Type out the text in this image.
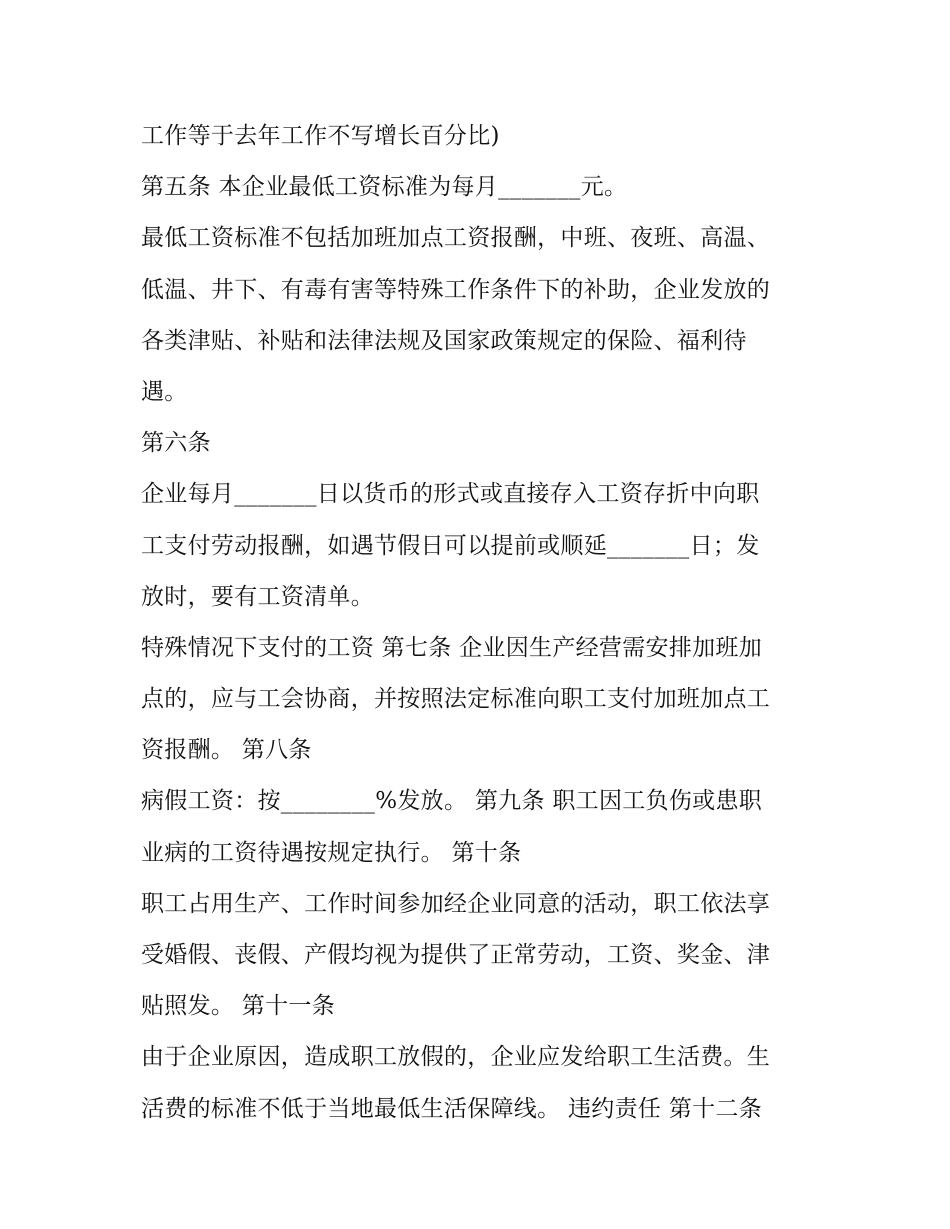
工作等于去年工作不写增长百分比)
第五条 本企业最低工资标准为每月_______元。
最低工资标准不包括加班加点工资报酬，中班、夜班、高温、
低温、井下、有毒有害等特殊工作条件下的补助，企业发放的
各类津贴、补贴和法律法规及国家政策规定的保险、福利待
遇。
第六条
企业每月_______日以货币的形式或直接存入工资存折中向职
工支付劳动报酬，如遇节假日可以提前或顺延_______日；发
放时，要有工资清单。
特殊情况下支付的工资 第七条 企业因生产经营需安排加班加
点的，应与工会协商，并按照法定标准向职工支付加班加点工
资报酬。 第八条
病假工资：按________%发放。 第九条 职工因工负伤或患职
业病的工资待遇按规定执行。 第十条
职工占用生产、工作时间参加经企业同意的活动，职工依法享
受婚假、丧假、产假均视为提供了正常劳动，工资、奖金、津
贴照发。 第十一条
由于企业原因，造成职工放假的，企业应发给职工生活费。生
活费的标准不低于当地最低生活保障线。 违约责任 第十二条
